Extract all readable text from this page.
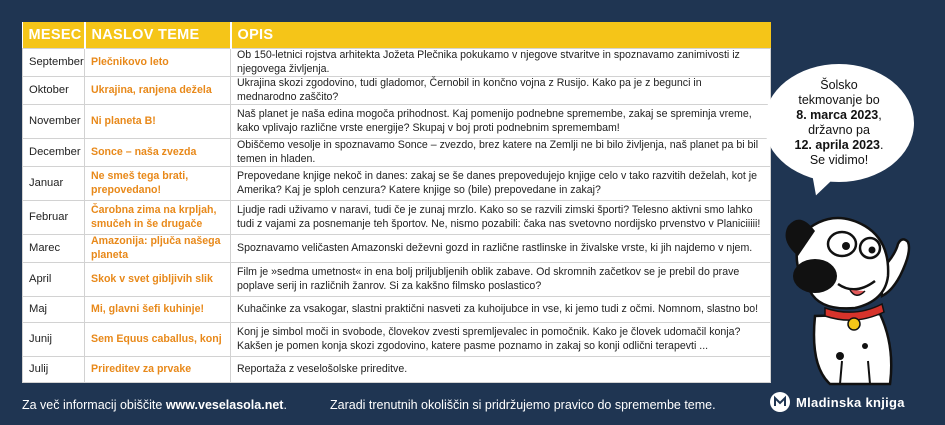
MESEC	NASLOV TEME	OPIS
September	Plečnikovo leto	Ob 150-letnici rojstva arhitekta Jožeta Plečnika pokukamo v njegove stvaritve in spoznavamo zanimivosti iz njegovega življenja.
Oktober	Ukrajina, ranjena dežela	Ukrajina skozi zgodovino, tudi gladomor, Černobil in končno vojna z Rusijo. Kako pa je z begunci in mednarodno zaščito?
November	Ni planeta B!	Naš planet je naša edina mogoča prihodnost. Kaj pomenijo podnebne spremembe, zakaj se spreminja vreme, kako vplivajo različne vrste energije? Skupaj v boj proti podnebnim spremembam!
December	Sonce – naša zvezda	Obiščemo vesolje in spoznavamo Sonce – zvezdo, brez katere na Zemlji ne bi bilo življenja, naš planet pa bi bil temen in hladen.
Januar	Ne smeš tega brati, prepovedano!	Prepovedane knjige nekoč in danes: zakaj se še danes prepovedujejo knjige celo v tako razvitih deželah, kot je Amerika? Kaj je sploh cenzura? Katere knjige so (bile) prepovedane in zakaj?
Februar	Čarobna zima na krpljah, smučeh in še drugače	Ljudje radi uživamo v naravi, tudi če je zunaj mrzlo. Kako so se razvili zimski športi? Telesno aktivni smo lahko tudi z vajami za posnemanje teh športov. Ne, nismo pozabili: čaka nas svetovno nordijsko prvenstvo v Planiciiiii!
Marec	Amazonija: pljuča našega planeta	Spoznavamo veličasten Amazonski deževni gozd in različne rastlinske in živalske vrste, ki jih najdemo v njem.
April	Skok v svet gibljivih slik	Film je »sedma umetnost« in ena bolj priljubljenih oblik zabave. Od skromnih začetkov se je prebil do prave poplave serij in različnih žanrov. Si za kakšno filmsko poslastico?
Maj	Mi, glavni šefi kuhinje!	Kuhačinke za vsakogar, slastni praktični nasveti za kuhoijubce in vse, ki jemo tudi z očmi. Nomnom, slastno bo!
Junij	Sem Equus caballus, konj	Konj je simbol moči in svobode, človekov zvesti spremljevalec in pomočnik. Kako je človek udomačil konja? Kakšen je pomen konja skozi zgodovino, katere pasme poznamo in zakaj so konji odlični terapevti ...
Julij	Prireditev za prvake	Reportaža z veselošolske prireditve.
Šolsko
tekmovanje bo
8. marca 2023,
državno pa
12. aprila 2023.
Se vidimo!
Za več informacij obiščite www.veselasola.net.	Zaradi trenutnih okoliščin si pridržujemo pravico do spremembe teme.	Mladinska knjiga
